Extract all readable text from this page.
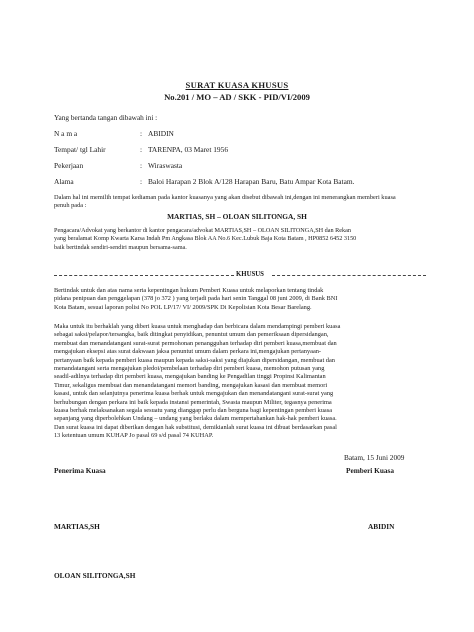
SURAT KUASA KHUSUS
No.201 / MO – AD / SKK - PID/VI/2009
Yang bertanda tangan dibawah ini :
N a m a	: ABIDIN
Tempat/ tgl Lahir	: TARENPA, 03 Maret 1956
Pekerjaan	: Wiraswasta
Alama	: Baloi Harapan 2 Blok A/128 Harapan Baru, Batu Ampar Kota Batam.
Dalam hal ini memilih tempat kediaman pada kantor kuasanya yang akan disebut dibawah ini,dengan ini menerangkan memberi kuasa
penuh pada :
MARTIAS, SH – OLOAN SILITONGA, SH
Pengacara/Advokat yang berkantor di kantor pengacara/advokat MARTIAS,SH – OLOAN SILITONGA,SH dan Rekan
yang beralamat Komp Kwarta Karsa Indah Pm Angkasa Blok AA No.6 Kec.Lubuk Baja Kota Batam , HP0852 6452 3150
baik bertindak sendiri-sendiri maupun bersama-sama.
KHUSUS
Bertindak untuk dan atas nama serta kepentingan hukum Pemberi Kuasa untuk melaporkan tentang tindak
pidana penipuan dan penggelapan (378 jo 372 ) yang terjadi pada hari senin Tanggal 08 juni 2009, di Bank BNI
Kota Batam, sesuai laporan polisi No POL LP/17/ VI/ 2009/SPK Di Kepolisian Kota Besar Barelang.
Maka untuk itu berhaklah yang diberi kuasa untuk menghadap dan berbicara dalam mendampingi pemberi kuasa
sebagai saksi/pelapor/tersangka, baik ditingkat penyidikan, penuntut umum dan pemeriksaan dipersidangan,
membuat dan menandatangani surat-surat permohonan penangguhan terhadap diri pemberi kuasa,membuat dan
mengajukan eksepsi atas surat dakwaan jaksa penuntut umum dalam perkara ini,mengajukan pertanyaan-
pertanyaan baik kepada pemberi kuasa maupun kepada saksi-saksi yang diajukan dipersidangan, membuat dan
menandatangani serta mengajukan pledoi/pembelaan terhadap diri pemberi kuasa, memohon putusan yang
seadil-adilnya terhadap diri pemberi kuasa, mengajukan banding ke Pengadilan tinggi Propinsi Kalimantan
Timur, sekaligus membuat dan menandatangani memori banding, mengajukan kasasi dan membuat memori
kasasi, untuk dan selanjutnya penerima kuasa berhak untuk mengajukan dan menandatangani surat-surat yang
berhubungan dengan perkara ini baik kepada instansi pemerintah, Swasta maupun Militer, tegasnya penerima
kuasa berhak melaksanakan segala sesuatu yang dianggap perlu dan berguna bagi kepentingan pemberi kuasa
sepanjang yang diperbolehkan Undang – undang yang berlaku dalam mempertahankan hak-hak pemberi kuasa.
Dan surat kuasa ini dapat diberikan dengan hak substitusi, demikianlah surat kuasa ini dibuat berdasarkan pasal
13 ketentuan umum KUHAP Jo pasal 69 s/d pasal 74 KUHAP.
Batam, 15 Juni 2009
Penerima Kuasa	Pemberi Kuasa
MARTIAS,SH	ABIDIN
OLOAN SILITONGA,SH
